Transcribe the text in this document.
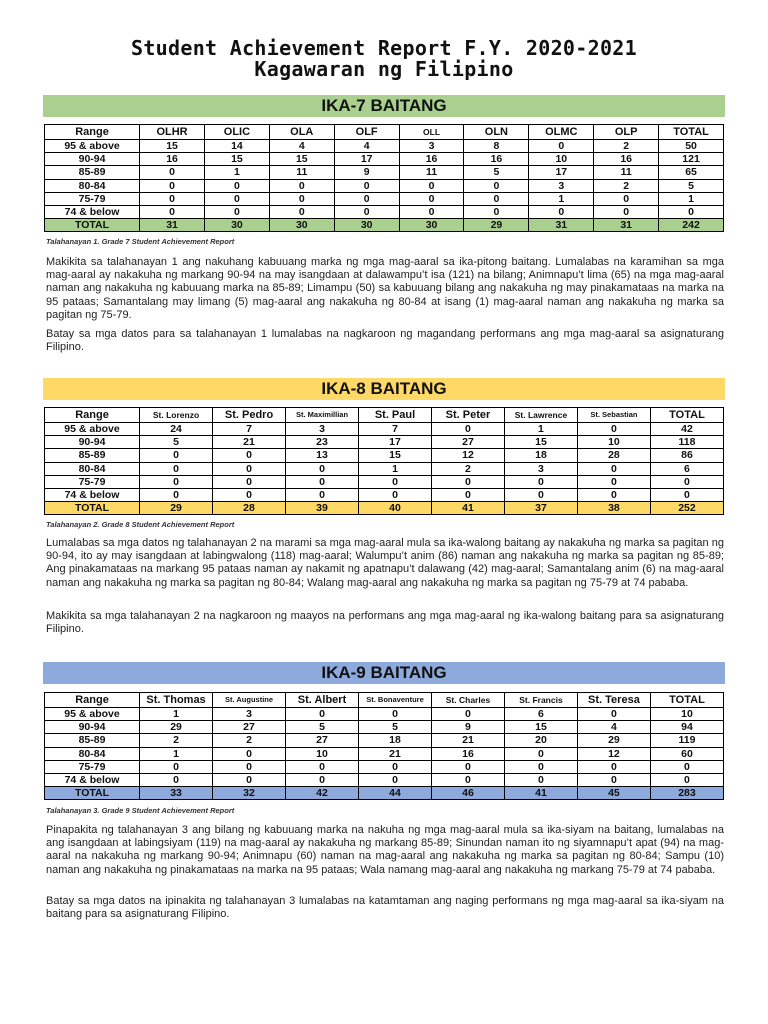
Student Achievement Report F.Y. 2020-2021
Kagawaran ng Filipino
IKA-7 BAITANG
Range	OLHR	OLIC	OLA	OLF	OLL	OLN	OLMC	OLP	TOTAL
95 & above	15	14	4	4	3	8	0	2	50
90-94	16	15	15	17	16	16	10	16	121
85-89	0	1	11	9	11	5	17	11	65
80-84	0	0	0	0	0	0	3	2	5
75-79	0	0	0	0	0	0	1	0	1
74 & below	0	0	0	0	0	0	0	0	0
TOTAL	31	30	30	30	30	29	31	31	242
Talahanayan 1. Grade 7 Student Achievement Report

Makikita sa talahanayan 1 ang nakuhang kabuuang marka ng mga mag-aaral sa ika-pitong baitang. Lumalabas na karamihan sa mga mag-aaral ay nakakuha ng markang 90-94 na may isangdaan at dalawampu’t isa (121) na bilang; Animnapu’t lima (65) na mga mag-aaral naman ang nakakuha ng kabuuang marka na 85-89; Limampu (50) sa kabuuang bilang ang nakakuha ng may pinakamataas na marka na 95 pataas; Samantalang may limang (5) mag-aaral ang nakakuha ng 80-84 at isang (1) mag-aaral naman ang nakakuha ng marka sa pagitan ng 75-79.

Batay sa mga datos para sa talahanayan 1 lumalabas na nagkaroon ng magandang performans ang mga mag-aaral sa asignaturang Filipino.

IKA-8 BAITANG
Range	St. Lorenzo	St. Pedro	St. Maximillian	St. Paul	St. Peter	St. Lawrence	St. Sebastian	TOTAL
95 & above	24	7	3	7	0	1	0	42
90-94	5	21	23	17	27	15	10	118
85-89	0	0	13	15	12	18	28	86
80-84	0	0	0	1	2	3	0	6
75-79	0	0	0	0	0	0	0	0
74 & below	0	0	0	0	0	0	0	0
TOTAL	29	28	39	40	41	37	38	252
Talahanayan 2. Grade 8 Student Achievement Report

Lumalabas sa mga datos ng talahanayan 2 na marami sa mga mag-aaral mula sa ika-walong baitang ay nakakuha ng marka sa pagitan ng 90-94, ito ay may isangdaan at labingwalong (118) mag-aaral; Walumpu’t anim (86) naman ang nakakuha ng marka sa pagitan ng 85-89; Ang pinakamataas na markang 95 pataas naman ay nakamit ng apatnapu’t dalawang (42) mag-aaral; Samantalang anim (6) na mag-aaral naman ang nakakuha ng marka sa pagitan ng 80-84; Walang mag-aaral ang nakakuha ng marka sa pagitan ng 75-79 at 74 pababa.

Makikita sa mga talahanayan 2 na nagkaroon ng maayos na performans ang mga mag-aaral ng ika-walong baitang para sa asignaturang Filipino.

IKA-9 BAITANG
Range	St. Thomas	St. Augustine	St. Albert	St. Bonaventure	St. Charles	St. Francis	St. Teresa	TOTAL
95 & above	1	3	0	0	0	6	0	10
90-94	29	27	5	5	9	15	4	94
85-89	2	2	27	18	21	20	29	119
80-84	1	0	10	21	16	0	12	60
75-79	0	0	0	0	0	0	0	0
74 & below	0	0	0	0	0	0	0	0
TOTAL	33	32	42	44	46	41	45	283
Talahanayan 3. Grade 9 Student Achievement Report

Pinapakita ng talahanayan 3 ang bilang ng kabuuang marka na nakuha ng mga mag-aaral mula sa ika-siyam na baitang, lumalabas na ang isangdaan at labingsiyam (119) na mag-aaral ay nakakuha ng markang 85-89; Sinundan naman ito ng siyamnapu’t apat (94) na mag-aaral na nakakuha ng markang 90-94; Animnapu (60) naman na mag-aaral ang nakakuha ng marka sa pagitan ng 80-84; Sampu (10) naman ang nakakuha ng pinakamataas na marka na 95 pataas; Wala namang mag-aaral ang nakakuha ng markang 75-79 at 74 pababa.

Batay sa mga datos na ipinakita ng talahanayan 3 lumalabas na katamtaman ang naging performans ng mga mag-aaral sa ika-siyam na baitang para sa asignaturang Filipino.
